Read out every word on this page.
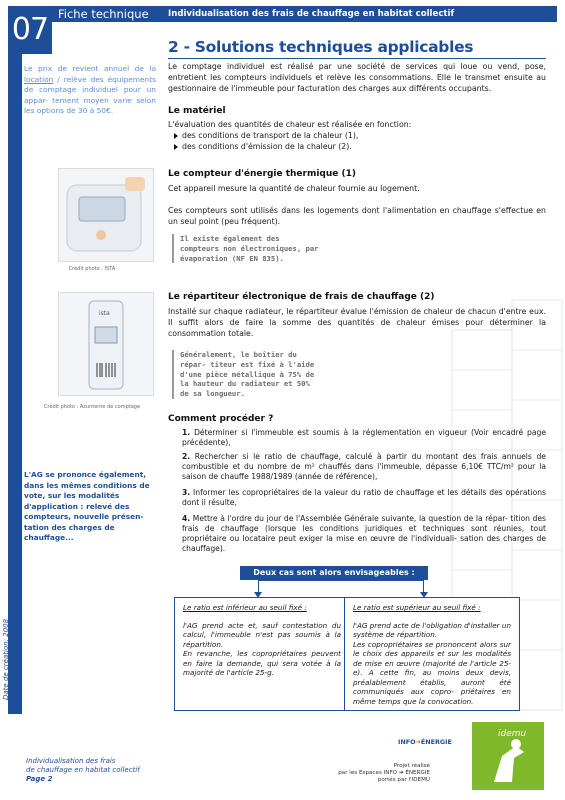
07 Fiche technique Individualisation des frais de chauffage en habitat collectif
Le prix de revient annuel de la location / relève des équipements de comptage individuel pour un appar- tement moyen varie selon les options de 30 à 50€.
Crédit photo : ISTA
ista
Crédit photo : Azunterne de comptage
L'AG se prononce également, dans les mêmes conditions de vote, sur les modalités d'application : relevé des compteurs, nouvelle présen- tation des charges de chauffage...
2 - Solutions techniques applicables
Le comptage individuel est réalisé par une société de services qui loue ou vend, pose, entretient les compteurs individuels et relève les consommations. Elle le transmet ensuite au gestionnaire de l'immeuble pour facturation des charges aux différents occupants.
Le matériel
L'évaluation des quantités de chaleur est réalisée en fonction:
des conditions de transport de la chaleur (1),
des conditions d'émission de la chaleur (2).
Le compteur d'énergie thermique (1)
Cet appareil mesure la quantité de chaleur fournie au logement.
Ces compteurs sont utilisés dans les logements dont l'alimentation en chauffage s'effectue en un seul point (peu fréquent).
Il existe également des compteurs non électroniques, par évaporation (NF EN 835).
Le répartiteur électronique de frais de chauffage (2)
Installé sur chaque radiateur, le répartiteur évalue l'émission de chaleur de chacun d'entre eux. Il suffit alors de faire la somme des quantités de chaleur émises pour déterminer la consommation totale.
Généralement, le boîtier du répar- titeur est fixé à l'aide d'une pièce métallique à 75% de la hauteur du radiateur et 50% de sa longueur.
Comment procéder ?
1. Déterminer si l'immeuble est soumis à la réglementation en vigueur (Voir encadré page précédente),
2. Rechercher si le ratio de chauffage, calculé à partir du montant des frais annuels de combustible et du nombre de m² chauffés dans l'immeuble, dépasse 6,10€ TTC/m² pour la saison de chauffe 1988/1989 (année de référence),
3. Informer les copropriétaires de la valeur du ratio de chauffage et les détails des opérations dont il résulte,
4. Mettre à l'ordre du jour de l'Assemblée Générale suivante, la question de la répar- tition des frais de chauffage (lorsque les conditions juridiques et techniques sont réunies, tout propriétaire ou locataire peut exiger la mise en œuvre de l'individuali- sation des charges de chauffage).
Deux cas sont alors envisageables :
Le ratio est inférieur au seuil fixé :
l'AG prend acte et, sauf contestation du calcul, l'immeuble n'est pas soumis à la répartition.
En revanche, les copropriétaires peuvent en faire la demande, qui sera votée à la majorité de l'article 25-g.
Le ratio est supérieur au seuil fixé :
l'AG prend acte de l'obligation d'installer un système de répartition.
Les copropriétaires se prononcent alors sur le choix des appareils et sur les modalités de mise en œuvre (majorité de l'article 25-e). A cette fin, au moins deux devis, préalablement établis, auront été communiqués aux copro- priétaires en même temps que la convocation.
Date de création: 2008
Individualisation des frais
de chauffage en habitat collectif
Page 2
INFO➔ÉNERGIE
Projet réalisé
par les Espaces INFO ➔ ÉNERGIE
portés par l'IDEMU
idemu
